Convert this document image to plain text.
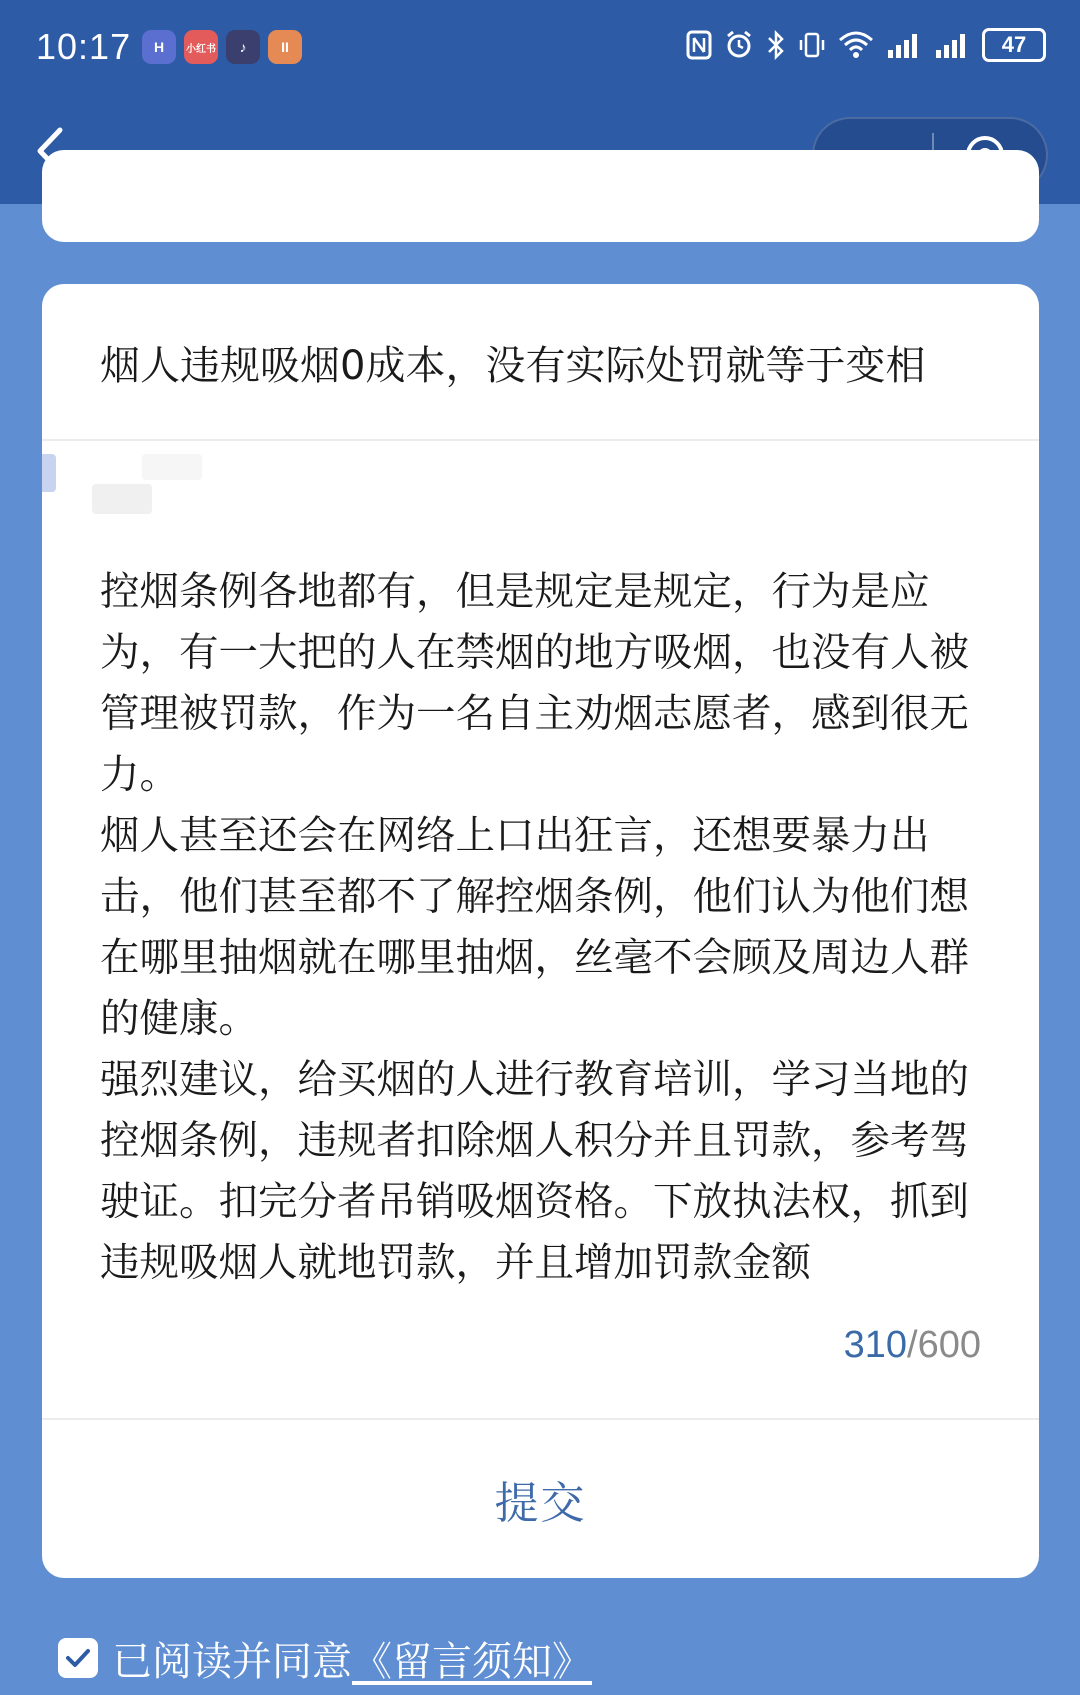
10:17	H	小红书	♪	II	47
烟人违规吸烟0成本，没有实际处罚就等于变相
控烟条例各地都有，但是规定是规定，行为是应为，有一大把的人在禁烟的地方吸烟，也没有人被管理被罚款，作为一名自主劝烟志愿者，感到很无力。
烟人甚至还会在网络上口出狂言，还想要暴力出击，他们甚至都不了解控烟条例，他们认为他们想在哪里抽烟就在哪里抽烟，丝毫不会顾及周边人群的健康。
强烈建议，给买烟的人进行教育培训，学习当地的控烟条例，违规者扣除烟人积分并且罚款，参考驾驶证。扣完分者吊销吸烟资格。下放执法权，抓到违规吸烟人就地罚款，并且增加罚款金额
310/600
提交
已阅读并同意 《留言须知》
